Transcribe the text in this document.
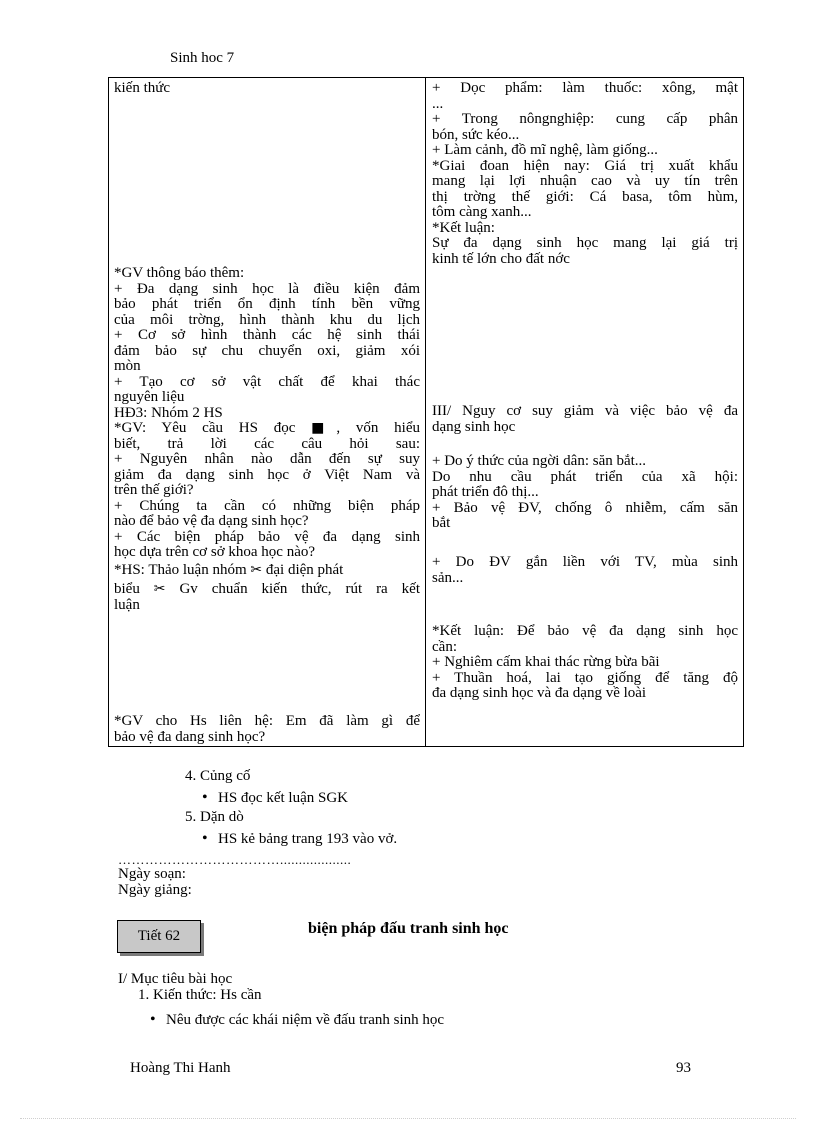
Sinh hoc 7
kiến thức
*GV thông báo thêm:
+ Đa dạng sinh học là điều kiện đảm
bảo phát triển ổn định tính bền vững
của môi trờng, hình thành khu du lịch
+ Cơ sở hình thành các hệ sinh thái
đảm bảo sự chu chuyển oxi, giảm xói
mòn
+ Tạo cơ sở vật chất để khai thác
nguyên liệu
HĐ3: Nhóm 2 HS
*GV: Yêu cầu HS đọc ■, vốn hiểu
biết, trả lời các câu hỏi sau:
+ Nguyên nhân nào dẫn đến sự suy
giảm đa dạng sinh học ở Việt Nam và
trên thế giới?
+ Chúng ta cần có những biện pháp
nào để bảo vệ đa dạng sinh học?
+ Các biện pháp bảo vệ đa dạng sinh
học dựa trên cơ sở khoa học nào?
*HS: Thảo luận nhóm ✂ đại diện phát
biểu ✂ Gv chuẩn kiến thức, rút ra kết
luận
*GV cho Hs liên hệ: Em đã làm gì để
bảo vệ đa dang sinh học?
+ Dọc phẩm: làm thuốc: xông, mật
...
+ Trong nôngnghiệp: cung cấp phân
bón, sức kéo...
+ Làm cảnh, đồ mĩ nghệ, làm giống...
*Giai đoan hiện nay: Giá trị xuất khẩu
mang lại lợi nhuận cao và uy tín trên
thị trờng thế giới: Cá basa, tôm hùm,
tôm càng xanh...
*Kết luận:
Sự đa dạng sinh học mang lại giá trị
kinh tế lớn cho đất nớc
III/ Nguy cơ suy giảm và việc bảo vệ đa
dạng sinh học
+ Do ý thức của ngời dân: săn bắt...
Do nhu cầu phát triển của xã hội:
phát triển đô thị...
+ Bảo vệ ĐV, chống ô nhiễm, cấm săn
bắt
+ Do ĐV gắn liền với TV, mùa sinh
sản...
*Kết luận: Để bảo vệ đa dạng sinh học
cần:
+ Nghiêm cấm khai thác rừng bừa bãi
+ Thuần hoá, lai tạo giống để tăng độ
đa dạng sinh học và đa dạng về loài
4. Củng cố
• HS đọc kết luận SGK
5. Dặn dò
• HS kẻ bảng trang 193 vào vở.
………………………………...................
Ngày soạn:
Ngày giảng:
Tiết 62	biện pháp đấu tranh sinh học
I/ Mục tiêu bài học
1. Kiến thức: Hs cần
• Nêu được các khái niệm về đấu tranh sinh học
Hoàng Thi Hanh	93
